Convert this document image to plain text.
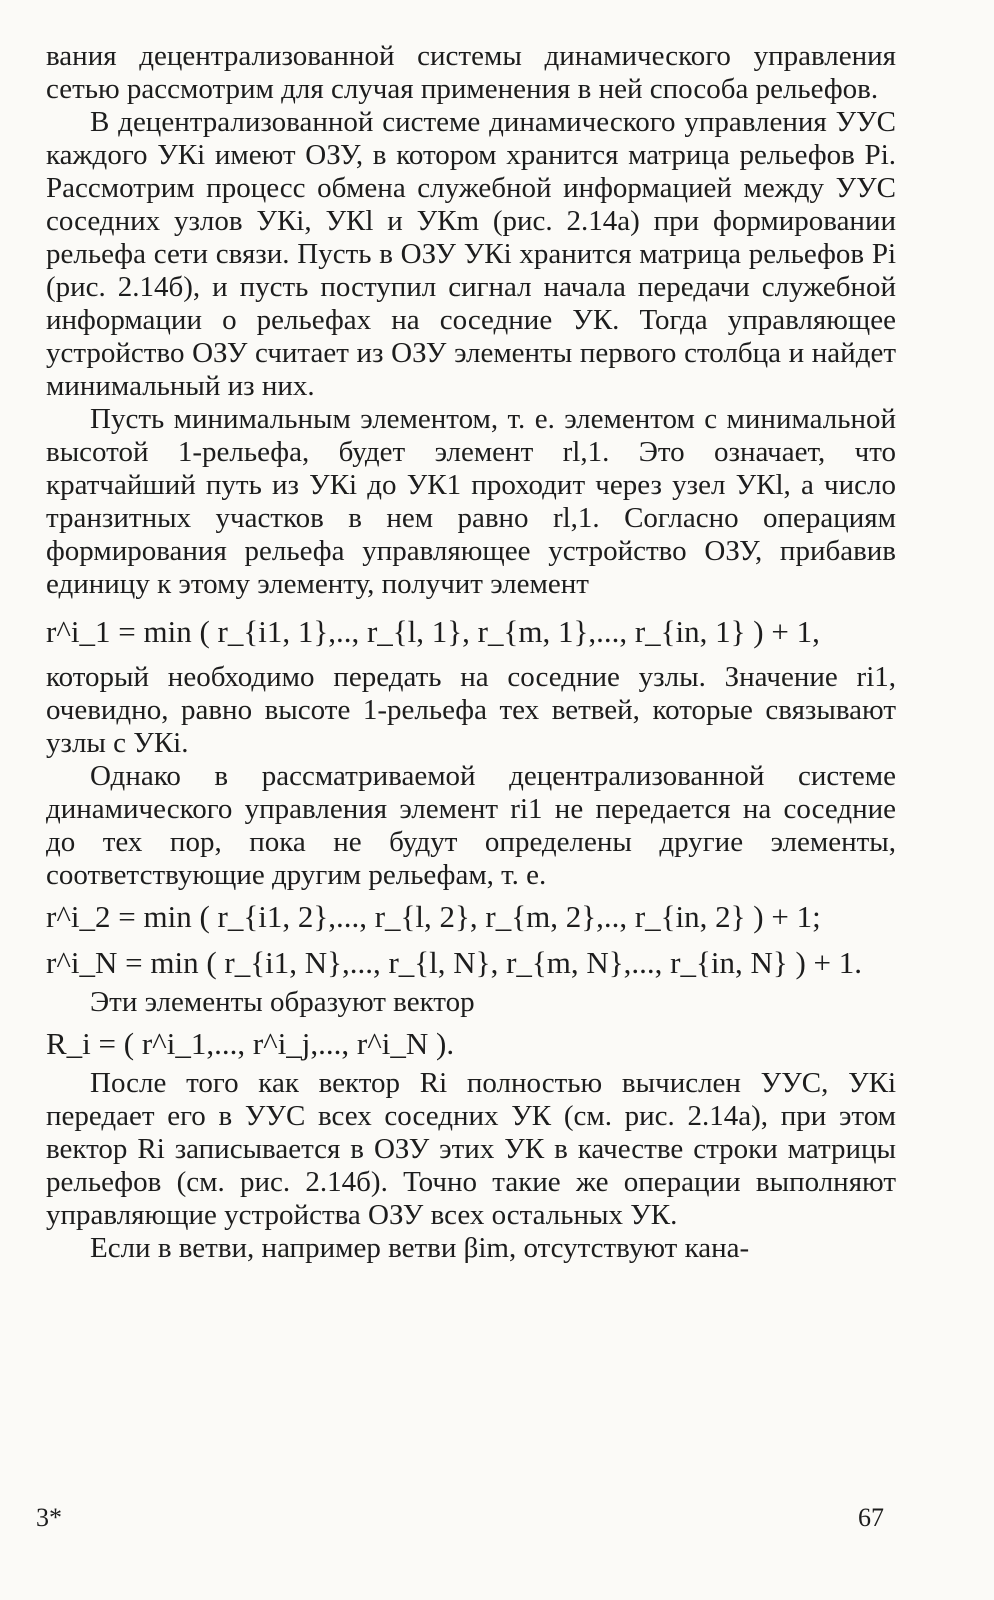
вания децентрализованной системы динамического управления сетью рассмотрим для случая применения в ней способа рельефов.

В децентрализованной системе динамического управления УУС каждого УКi имеют ОЗУ, в котором хранится матрица рельефов Pi. Рассмотрим процесс обмена служебной информацией между УУС соседних узлов УКi, УКl и УКm (рис. 2.14а) при формировании рельефа сети связи. Пусть в ОЗУ УКi хранится матрица рельефов Pi (рис. 2.14б), и пусть поступил сигнал начала передачи служебной информации о рельефах на соседние УК. Тогда управляющее устройство ОЗУ считает из ОЗУ элементы первого столбца и найдет минимальный из них.

Пусть минимальным элементом, т. е. элементом с минимальной высотой 1-рельефа, будет элемент rl,1. Это означает, что кратчайший путь из УКi до УК1 проходит через узел УКl, а число транзитных участков в нем равно rl,1. Согласно операциям формирования рельефа управляющее устройство ОЗУ, прибавив единицу к этому элементу, получит элемент

r^i_1 = min ( r_{i1, 1},.., r_{l, 1}, r_{m, 1},..., r_{in, 1} ) + 1,

который необходимо передать на соседние узлы. Значение ri1, очевидно, равно высоте 1-рельефа тех ветвей, которые связывают узлы с УКi.

Однако в рассматриваемой децентрализованной системе динамического управления элемент ri1 не передается на соседние до тех пор, пока не будут определены другие элементы, соответствующие другим рельефам, т. е.

r^i_2 = min ( r_{i1, 2},..., r_{l, 2}, r_{m, 2},.., r_{in, 2} ) + 1;
r^i_N = min ( r_{i1, N},..., r_{l, N}, r_{m, N},..., r_{in, N} ) + 1.

Эти элементы образуют вектор

R_i = ( r^i_1,..., r^i_j,..., r^i_N ).

После того как вектор Ri полностью вычислен УУС, УКi передает его в УУС всех соседних УК (см. рис. 2.14а), при этом вектор Ri записывается в ОЗУ этих УК в качестве строки матрицы рельефов (см. рис. 2.14б). Точно такие же операции выполняют управляющие устройства ОЗУ всех остальных УК.

Если в ветви, например ветви βim, отсутствуют кана-

3*	67
